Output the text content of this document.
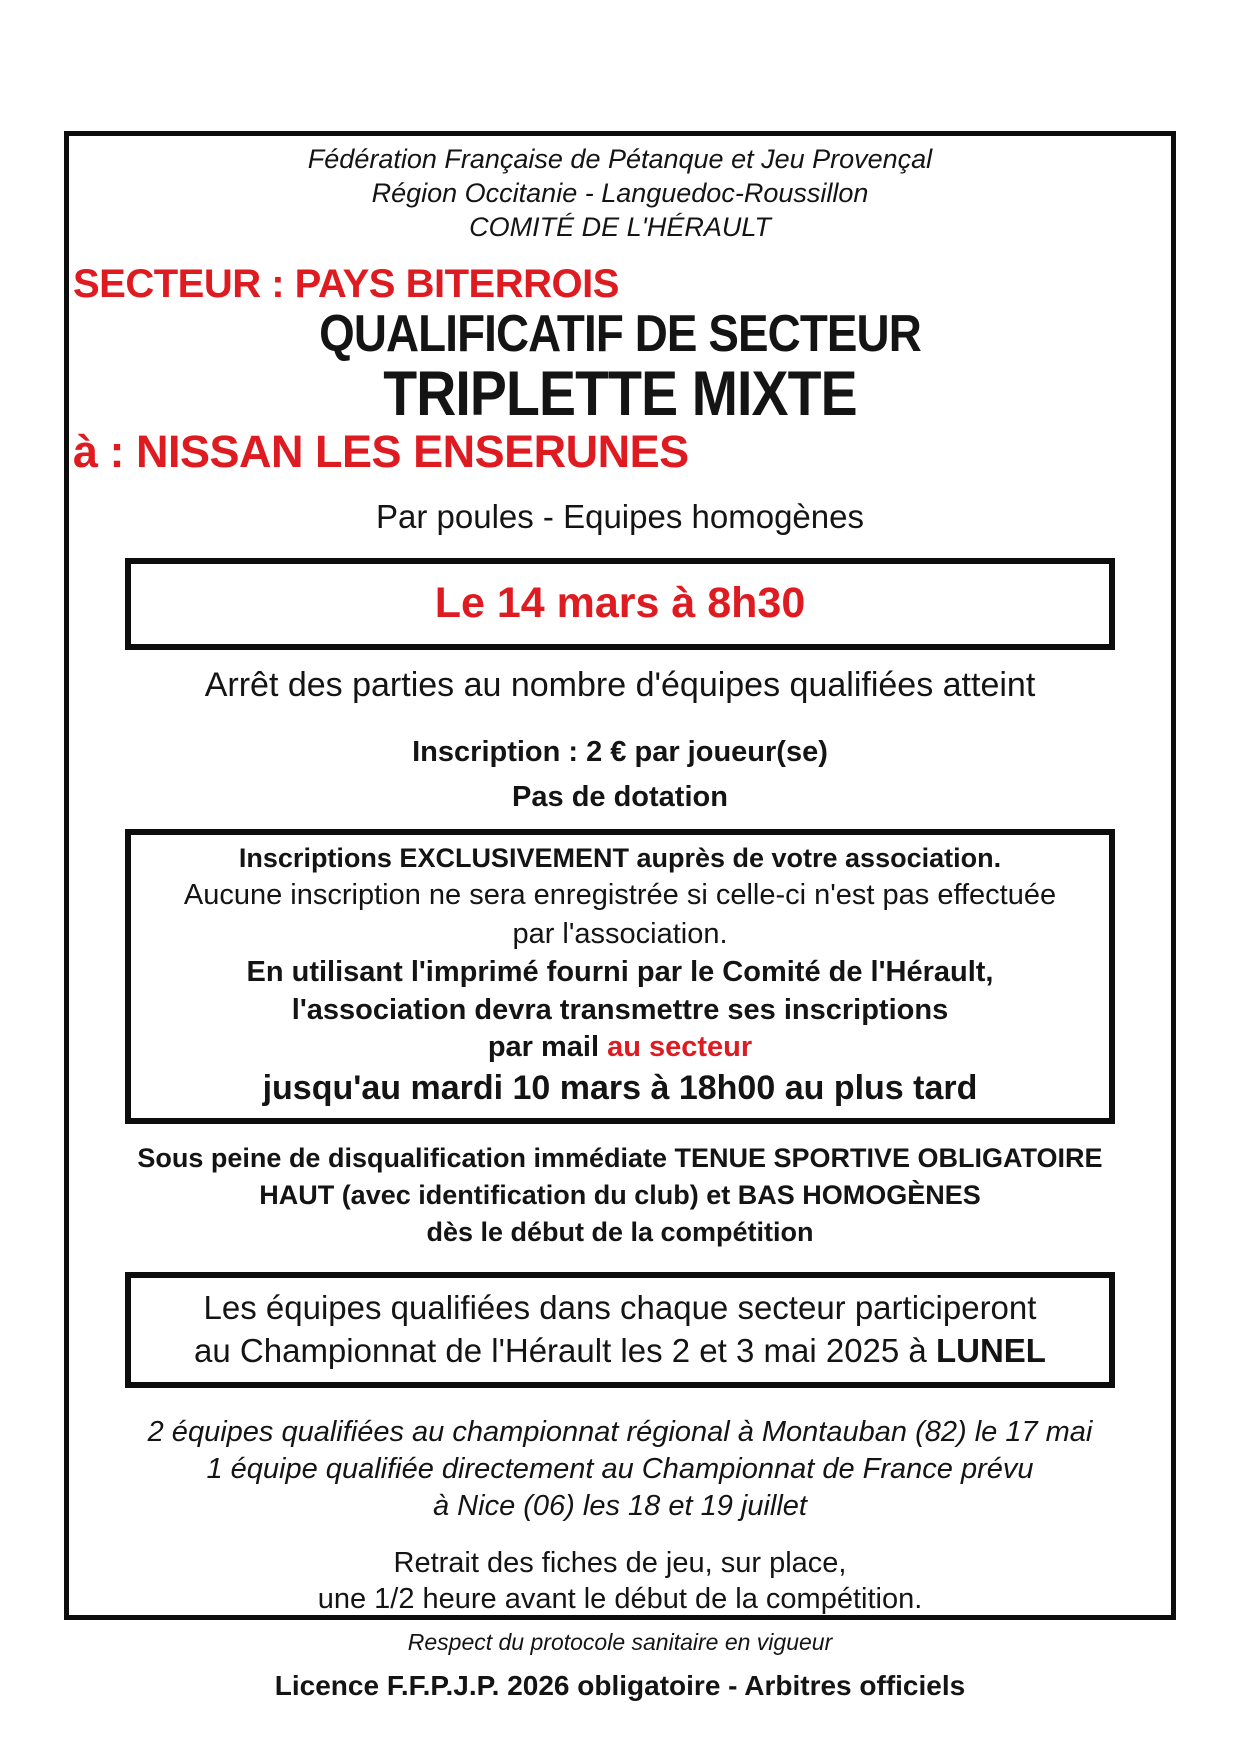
Fédération Française de Pétanque et Jeu Provençal
Région Occitanie - Languedoc-Roussillon
COMITÉ DE L'HÉRAULT
SECTEUR : PAYS BITERROIS
QUALIFICATIF DE SECTEUR
TRIPLETTE MIXTE
à : NISSAN LES ENSERUNES
Par poules - Equipes homogènes
Le 14 mars à 8h30
Arrêt des parties au nombre d'équipes qualifiées atteint
Inscription : 2 € par joueur(se)
Pas de dotation
Inscriptions EXCLUSIVEMENT auprès de votre association.
Aucune inscription ne sera enregistrée si celle-ci n'est pas effectuée
par l'association.
En utilisant l'imprimé fourni par le Comité de l'Hérault,
l'association devra transmettre ses inscriptions
par mail au secteur
jusqu'au mardi 10 mars à 18h00 au plus tard
Sous peine de disqualification immédiate TENUE SPORTIVE OBLIGATOIRE
HAUT (avec identification du club) et BAS HOMOGÈNES
dès le début de la compétition
Les équipes qualifiées dans chaque secteur participeront
au Championnat de l'Hérault les 2 et 3 mai 2025 à LUNEL
2 équipes qualifiées au championnat régional à Montauban (82) le 17 mai
1 équipe qualifiée directement au Championnat de France prévu
à Nice (06) les 18 et 19 juillet
Retrait des fiches de jeu, sur place,
une 1/2 heure avant le début de la compétition.
Respect du protocole sanitaire en vigueur
Licence F.F.P.J.P. 2026 obligatoire - Arbitres officiels
